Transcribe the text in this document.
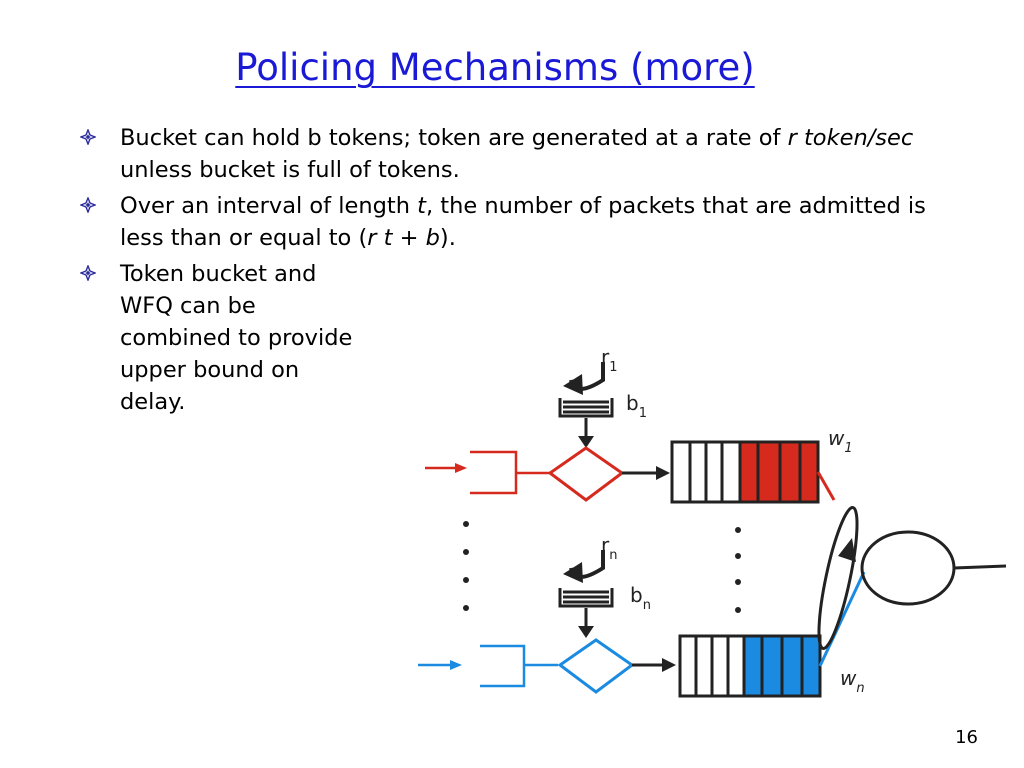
Policing Mechanisms (more)
Bucket can hold b tokens; token are generated at a rate of r token/sec unless bucket is full of tokens.
Over an interval of length t, the number of packets that are admitted is less than or equal to (r t + b).
Token bucket and WFQ can be combined to provide upper bound on delay.
$r_1$
$b_1$
$w_1$
$r_n$
$b_n$
$w_n$
16
